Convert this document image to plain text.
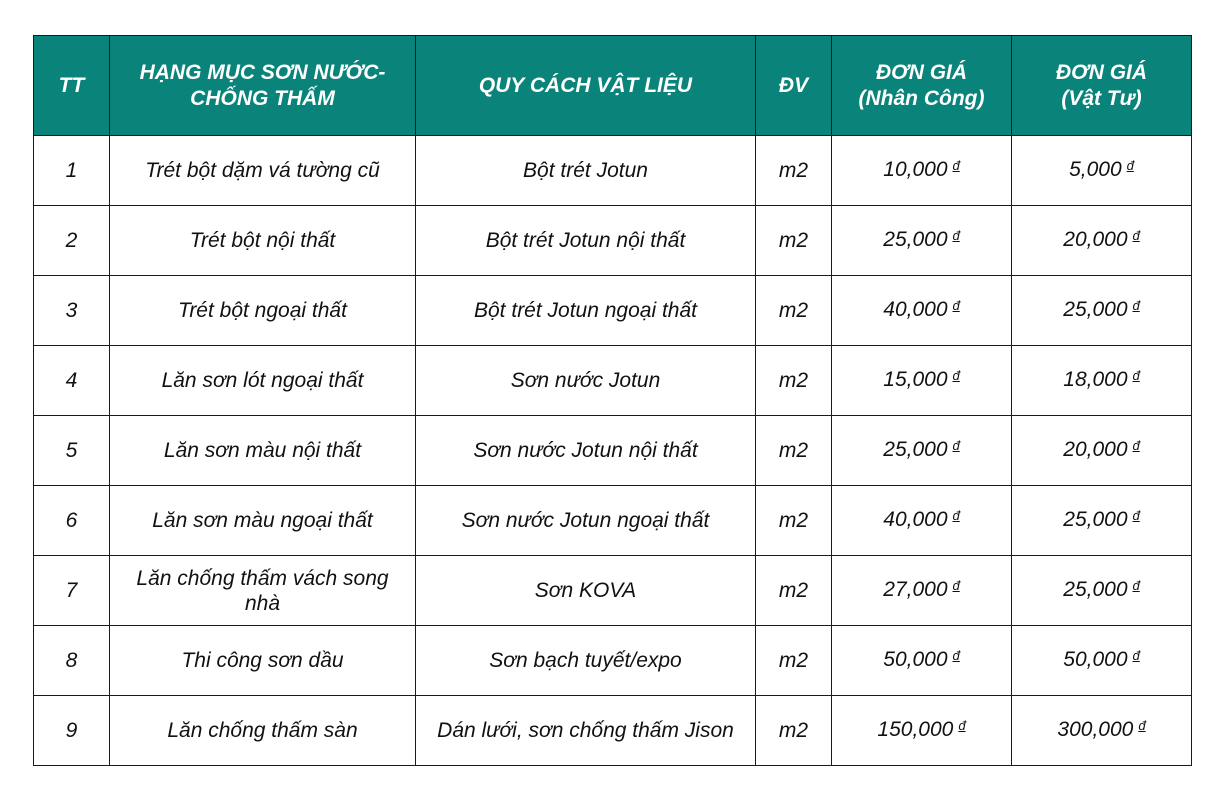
TT	HẠNG MỤC SƠN NƯỚC-CHỐNG THẤM	QUY CÁCH VẬT LIỆU	ĐV	ĐƠN GIÁ (Nhân Công)	ĐƠN GIÁ (Vật Tư)
1	Trét bột dặm vá tường cũ	Bột trét Jotun	m2	10,000 $^đ$	5,000 $^đ$
2	Trét bột nội thất	Bột trét Jotun nội thất	m2	25,000 $^đ$	20,000 $^đ$
3	Trét bột ngoại thất	Bột trét Jotun ngoại thất	m2	40,000 $^đ$	25,000 $^đ$
4	Lăn sơn lót ngoại thất	Sơn nước Jotun	m2	15,000 $^đ$	18,000 $^đ$
5	Lăn sơn màu nội thất	Sơn nước Jotun nội thất	m2	25,000 $^đ$	20,000 $^đ$
6	Lăn sơn màu ngoại thất	Sơn nước Jotun ngoại thất	m2	40,000 $^đ$	25,000 $^đ$
7	Lăn chống thấm vách song nhà	Sơn KOVA	m2	27,000 $^đ$	25,000 $^đ$
8	Thi công sơn dầu	Sơn bạch tuyết/expo	m2	50,000 $^đ$	50,000 $^đ$
9	Lăn chống thấm sàn	Dán lưới, sơn chống thấm Jison	m2	150,000 $^đ$	300,000 $^đ$
